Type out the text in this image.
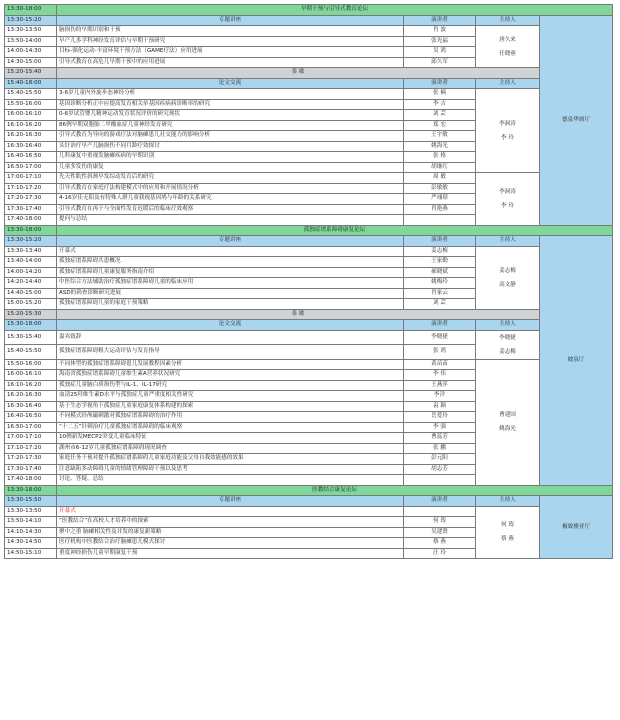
13:30-18:00	早期干预与引导式教育论坛			
13:30-15:20	专题讲座	演讲者	主持人	德泉华颂厅
13:30-13:50	脑损伤的早期识别和干预	肖 波	唐久来
任晓蕙	
13:50-14:00	早产儿多学科神经发育评估与早期干预研究	张光福		
14:00-14:30	目标-强化运动-丰富环境干预方法（GAME疗法）应用进展	吴 鸿		
14:30-15:00	引导式教育在高危儿早期干预中的应用进展	邱久军		
15:20-15:40	茶 歇			
15:40-18:00	论文交流	演讲者	主持人	
15:40-15:50	3-6岁儿童内外旋步态神经分析	张 楠	李洞涛
李 玲	
15:50-16:00	基因诊断分析正中应提高发育相关单基因疾病病诊断率的研究	李 吉		
16:00-16:10	0-6岁试管婴儿精神运动发育状况评价的研究现状	刘 芸		
16:10-16:20	86例早期双胞胎二甲酸血症儿童神经发育研究	郑 宏		
16:20-16:30	引导式教育为导向的游戏疗法对脑瘫患儿社交能力的影响分析	王宇敏		
16:30-16:40	头针治疗早产儿脑损伤不同月龄疗效探讨	姚海光		
16:40-16:50	儿科康复中重视发脑瘫疾病的早期识别	张 格		
16:50-17:00	儿童多发伤的康复	胡继红		
17:00-17:10	先天性肌性斜颈早发综动发育后的研究	周 敏	李洞涛
李 玲	
17:10-17:20	引导式教育在家庭疗法构建模式中的应用和开展情况分析	彭敏敏		
17:20-17:30	4-16岁佳无阳及有特殊人群儿童我视基因鸠与年龄的关系研究	严翊璟		
17:30-17:40	引导式教育在再于与全面性发育迟缓后的临床疗效观察	肖艳燕		
17:40-18:00	提问与总结			
13:30-18:00	孤独症谱系障碍康复论坛			
13:30-15:20	专题讲座	演讲者	主持人	坡泉厅
13:30-13:40	开幕式	姜志梅	姜志梅
高文静	
13:40-14:00	孤独症谱系障碍共患概况	王家勤		
14:00-14:20	孤独症谱系障碍儿童康复服务指南介绍	郝晓斌		
14:20-14:40	中医综合方法辅助治疗孤独症谱系障碍儿童的临床应用	姚梅玲		
14:40-15:00	ASD的筛查诊断研究进展	肖家云		
15:00-15:20	孤独症谱系障碍儿童的家庭干预策略	刘 芸		
15:20-15:30	茶 歇			
15:30-18:00	论文交流	演讲者	主持人	
15:30-15:40	嘉宾致辞	李晓捷	李晓捷
姜志梅	
15:40-15:50	孤独症谱系障碍粗大运动评估与发育指导	张 鸿		
15:50-16:00	不同体型的孤独症谱系障碍患儿发展教程因素分析	黄苗苗	曹建国
姚海光	
16:00-16:10	海南省孤独症谱系障碍儿童维生素A营养状况研究	李 伟		
16:10-16:20	孤独症儿童脑白质损伤型与IL-1、IL-17研究	王燕萍		
16:20-16:30	血清25羟维生素D水平与孤独症儿童严重度相关性研究	李洋		
16:30-16:40	基于生态学视角下孤独症儿童家庭康复体系构建的探索	袁 颖		
16:40-16:50	不同模式经颅磁刺激对孤独症谱系障碍的治疗作用	岳爱玲		
16:50-17:00	“十二五”针刺治疗儿童孤独症谱系障碍的临床观察	李 强		
17:00-17:10	10例新发MECP2突变儿童临床特征	曹蕊芳		
17:10-17:20	湖州市6-12岁儿童孤独症谱系障碍现况调查	张 鹏		
17:20-17:30	家庭任务干预对提升孤独症谱系障碍儿童家庭功能及父母自我效能感的效果	彭元阳		
17:30-17:40	注意缺陷多动障碍儿童的情绪管理障碍干预以及思考	胡志芳		
17:40-18:00	讨论、答疑、总结			
13:30-18:00	医教结合康复论坛			
13:30-15:50	专题讲座	演讲者	主持人	极致雅亚厅
13:30-13:50	开幕式		何 筠
蔡 燕	
13:50-14:10	“医教结合”在高校人才培养中的探索	何 筠		
14:10-14:30	聚中之重 脑瘫相关性及并发的康复新策略	吴建贤		
14:30-14:50	医疗机构中医教结合治疗脑瘫患儿模式探讨	蔡 燕		
14:50-15:10	重度神经损伤儿童早期康复干预	汪 玲		
